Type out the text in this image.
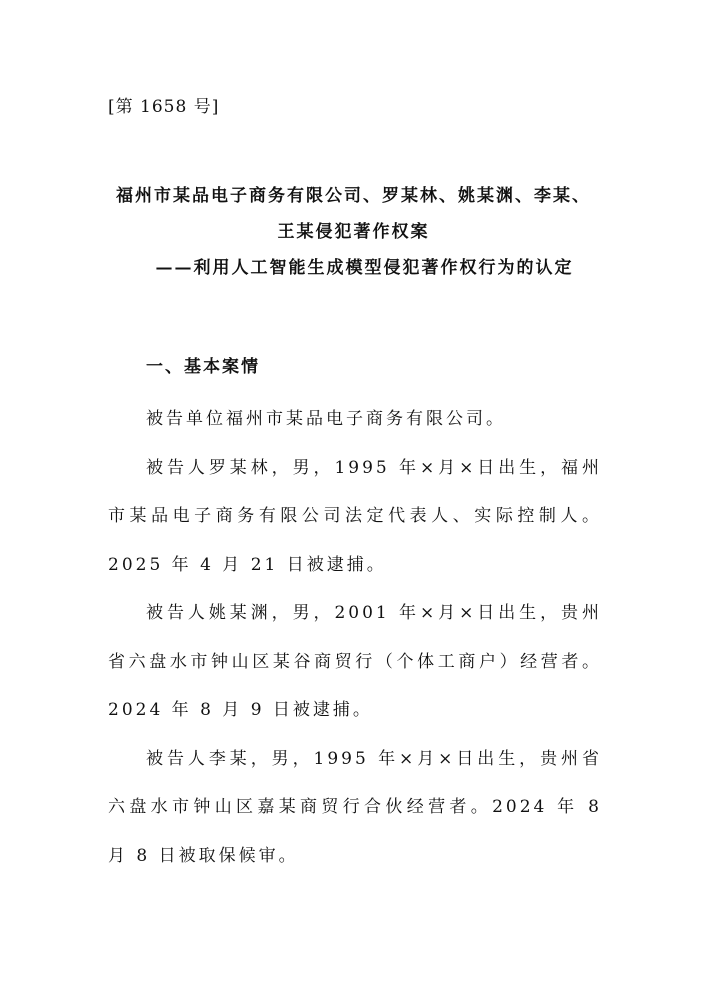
[第 1658 号]
福州市某品电子商务有限公司、罗某林、姚某渊、李某、
王某侵犯著作权案
——利用人工智能生成模型侵犯著作权行为的认定
一、基本案情

被告单位福州市某品电子商务有限公司。

被告人罗某林，男，1995 年×月×日出生，福州市某品电子商务有限公司法定代表人、实际控制人。2025 年 4 月 21 日被逮捕。

被告人姚某渊，男，2001 年×月×日出生，贵州省六盘水市钟山区某谷商贸行（个体工商户）经营者。2024 年 8 月 9 日被逮捕。

被告人李某，男，1995 年×月×日出生，贵州省六盘水市钟山区嘉某商贸行合伙经营者。2024 年 8 月 8 日被取保候审。
